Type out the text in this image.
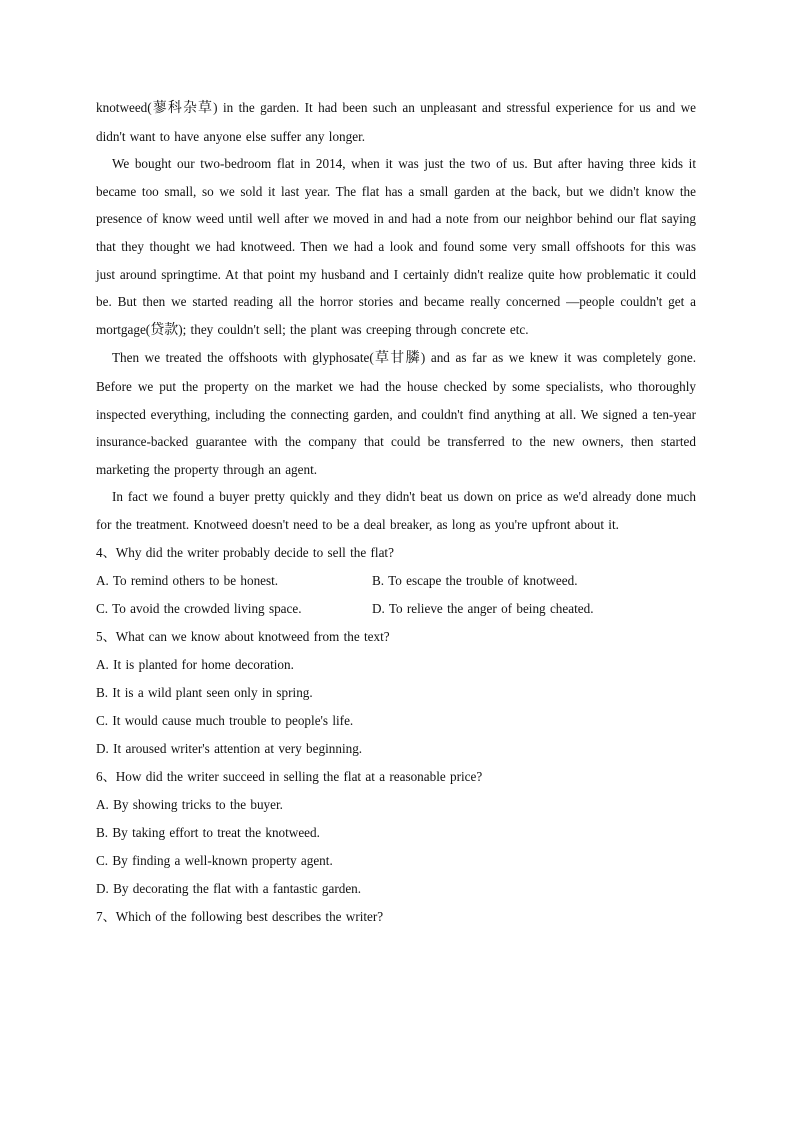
knotweed(蓼科杂草) in the garden. It had been such an unpleasant and stressful experience for us and we didn't want to have anyone else suffer any longer.

We bought our two-bedroom flat in 2014, when it was just the two of us. But after having three kids it became too small, so we sold it last year. The flat has a small garden at the back, but we didn't know the presence of know weed until well after we moved in and had a note from our neighbor behind our flat saying that they thought we had knotweed. Then we had a look and found some very small offshoots for this was just around springtime. At that point my husband and I certainly didn't realize quite how problematic it could be. But then we started reading all the horror stories and became really concerned —people couldn't get a mortgage(贷款); they couldn't sell; the plant was creeping through concrete etc.

Then we treated the offshoots with glyphosate(草甘膦) and as far as we knew it was completely gone. Before we put the property on the market we had the house checked by some specialists, who thoroughly inspected everything, including the connecting garden, and couldn't find anything at all. We signed a ten-year insurance-backed guarantee with the company that could be transferred to the new owners, then started marketing the property through an agent.

In fact we found a buyer pretty quickly and they didn't beat us down on price as we'd already done much for the treatment. Knotweed doesn't need to be a deal breaker, as long as you're upfront about it.

4、Why did the writer probably decide to sell the flat?

A. To remind others to be honest.	B. To escape the trouble of knotweed.
C. To avoid the crowded living space.	D. To relieve the anger of being cheated.

5、What can we know about knotweed from the text?

A. It is planted for home decoration.

B. It is a wild plant seen only in spring.

C. It would cause much trouble to people's life.

D. It aroused writer's attention at very beginning.

6、How did the writer succeed in selling the flat at a reasonable price?

A. By showing tricks to the buyer.

B. By taking effort to treat the knotweed.

C. By finding a well-known property agent.

D. By decorating the flat with a fantastic garden.

7、Which of the following best describes the writer?
